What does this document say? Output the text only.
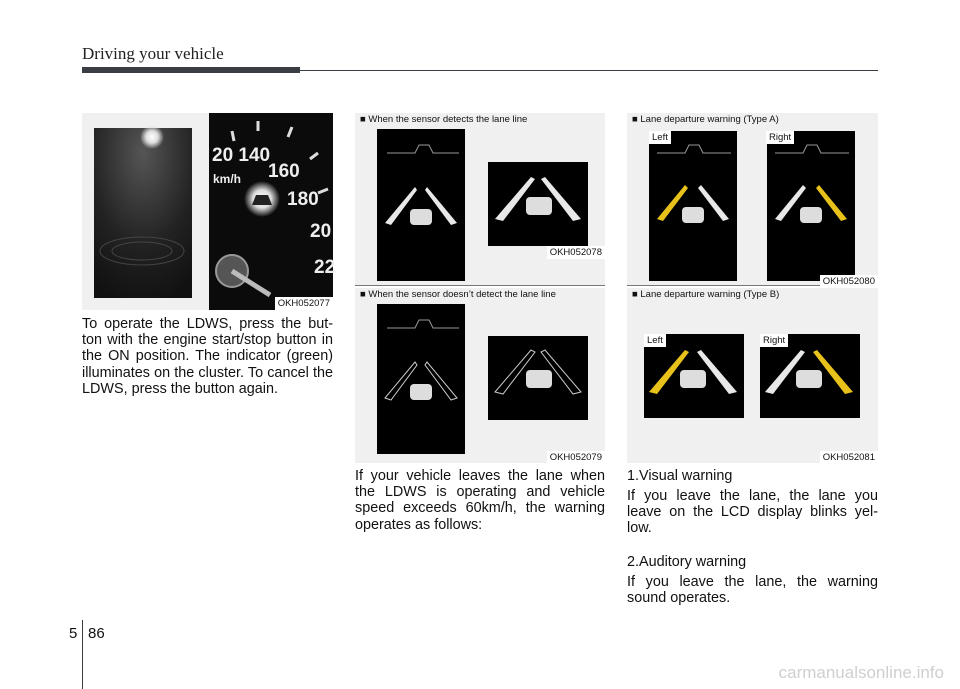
Driving your vehicle
20 140
160
180
20
22
km/h
OKH052077
To operate the LDWS, press the but-ton with the engine start/stop button in the ON position. The indicator (green) illuminates on the cluster. To cancel the LDWS, press the button again.
■ When the sensor detects the lane line
OKH052078
■ When the sensor doesn’t detect the lane line
OKH052079
If your vehicle leaves the lane when the LDWS is operating and vehicle speed exceeds 60km/h, the warning operates as follows:
■ Lane departure warning (Type A)
Left	Right
OKH052080
■ Lane departure warning (Type B)
Left	Right
OKH052081
1.Visual warning
If you leave the lane, the lane you leave on the LCD display blinks yel-low.
2.Auditory warning
If you leave the lane, the warning sound operates.
5 86
carmanualsonline.info
